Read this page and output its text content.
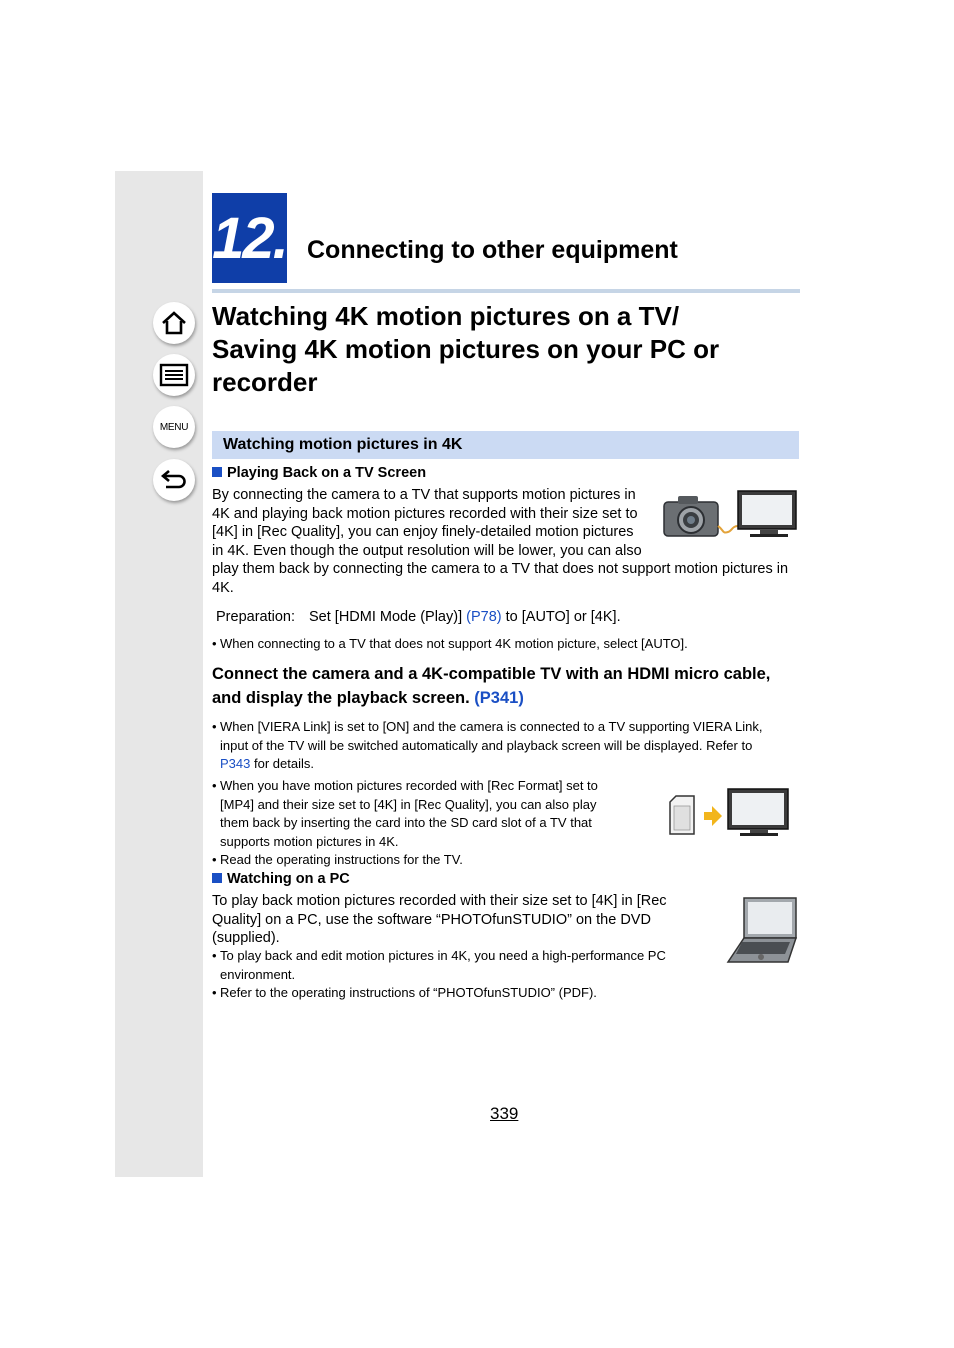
MENU
12. Connecting to other equipment
Watching 4K motion pictures on a TV/
Saving 4K motion pictures on your PC or
recorder
Watching motion pictures in 4K
Playing Back on a TV Screen
By connecting the camera to a TV that supports motion pictures in
4K and playing back motion pictures recorded with their size set to
[4K] in [Rec Quality], you can enjoy finely-detailed motion pictures
in 4K. Even though the output resolution will be lower, you can also
play them back by connecting the camera to a TV that does not support motion pictures in
4K.
Preparation: Set [HDMI Mode (Play)] (P78) to [AUTO] or [4K].
• When connecting to a TV that does not support 4K motion picture, select [AUTO].
Connect the camera and a 4K-compatible TV with an HDMI micro cable,
and display the playback screen. (P341)
• When [VIERA Link] is set to [ON] and the camera is connected to a TV supporting VIERA Link,
input of the TV will be switched automatically and playback screen will be displayed. Refer to
P343 for details.
• When you have motion pictures recorded with [Rec Format] set to
[MP4] and their size set to [4K] in [Rec Quality], you can also play
them back by inserting the card into the SD card slot of a TV that
supports motion pictures in 4K.
• Read the operating instructions for the TV.
Watching on a PC
To play back motion pictures recorded with their size set to [4K] in [Rec
Quality] on a PC, use the software “PHOTOfunSTUDIO” on the DVD
(supplied).
• To play back and edit motion pictures in 4K, you need a high-performance PC
environment.
• Refer to the operating instructions of “PHOTOfunSTUDIO” (PDF).
339
